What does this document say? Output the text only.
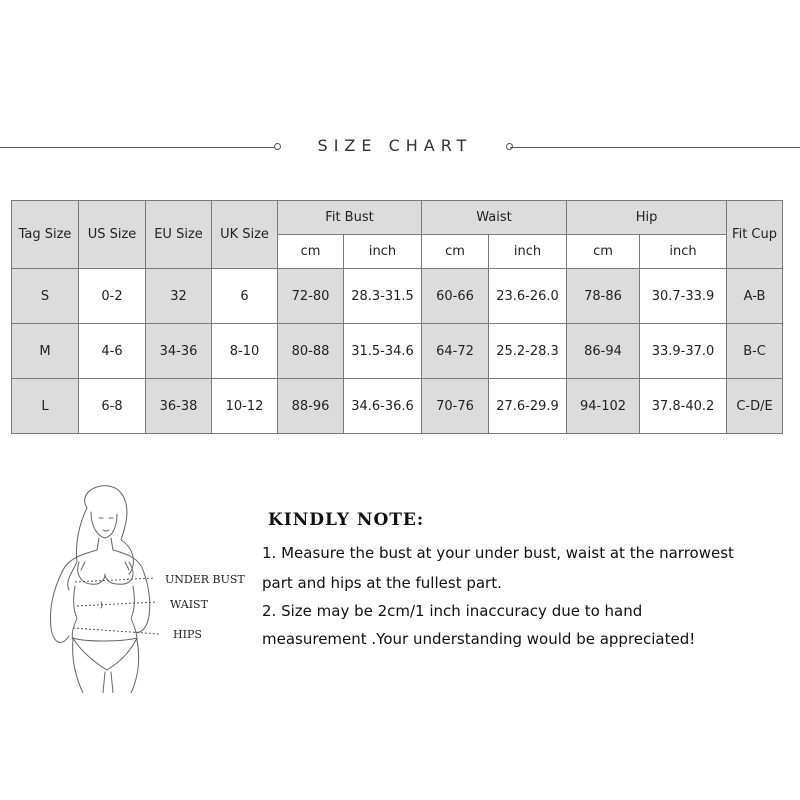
SIZE CHART
Tag Size	US Size	EU Size	UK Size	Fit Bust		Waist		Hip		Fit Cup
				cm	inch	cm	inch	cm	inch	
S	0-2	32	6	72-80	28.3-31.5	60-66	23.6-26.0	78-86	30.7-33.9	A-B
M	4-6	34-36	8-10	80-88	31.5-34.6	64-72	25.2-28.3	86-94	33.9-37.0	B-C
L	6-8	36-38	10-12	88-96	34.6-36.6	70-76	27.6-29.9	94-102	37.8-40.2	C-D/E
UNDER BUST
WAIST
HIPS
KINDLY NOTE:
1. Measure the bust at your under bust, waist at the narrowest
part and hips at the fullest part.
2. Size may be 2cm/1 inch inaccuracy due to hand
measurement .Your understanding would be appreciated!
